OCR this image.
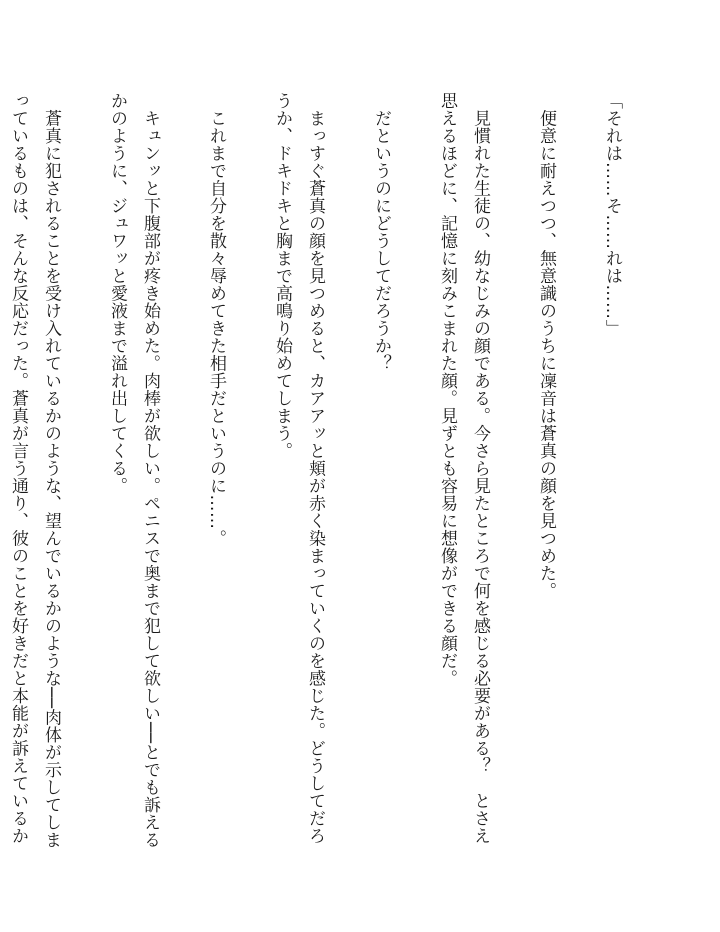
「それは……そ……れは……」

　便意に耐えつつ、無意識のうちに凜音は蒼真の顔を見つめた。

　見慣れた生徒の、幼なじみの顔である。今さら見たところで何を感じる必要がある？　とさえ思えるほどに、記憶に刻みこまれた顔。見ずとも容易に想像ができる顔だ。

　だというのにどうしてだろうか？

　まっすぐ蒼真の顔を見つめると、カアアッと頬が赤く染まっていくのを感じた。どうしてだろうか、ドキドキと胸まで高鳴り始めてしまう。

　これまで自分を散々辱めてきた相手だというのに……。

　キュンッと下腹部が疼き始めた。肉棒が欲しい。ペニスで奥まで犯して欲しい──とでも訴えるかのように、ジュワッと愛液まで溢れ出してくる。

　蒼真に犯されることを受け入れているかのような、望んでいるかのような──肉体が示してしまっているものは、そんな反応だった。蒼真が言う通り、彼のことを好きだと本能が訴えているか
